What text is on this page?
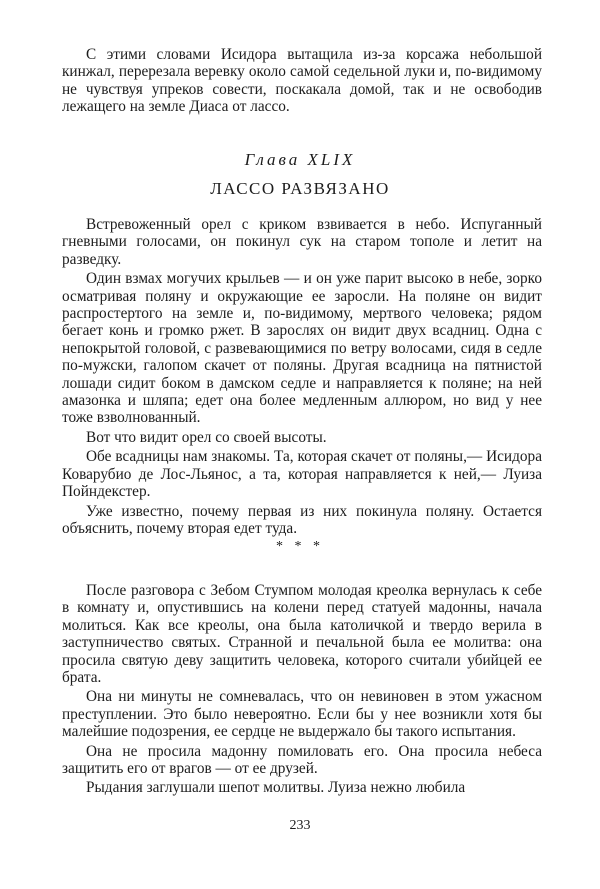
С этими словами Исидора вытащила из-за корсажа небольшой кинжал, перерезала веревку около самой седельной луки и, по-видимому не чувствуя упреков совести, поскакала домой, так и не освободив лежащего на земле Диаса от лассо.

Глава XLIX
ЛАССО РАЗВЯЗАНО

Встревоженный орел с криком взвивается в небо. Испуганный гневными голосами, он покинул сук на старом тополе и летит на разведку.

Один взмах могучих крыльев — и он уже парит высоко в небе, зорко осматривая поляну и окружающие ее заросли. На поляне он видит распростертого на земле и, по-видимому, мертвого человека; рядом бегает конь и громко ржет. В зарослях он видит двух всадниц. Одна с непокрытой головой, с развевающимися по ветру волосами, сидя в седле по-мужски, галопом скачет от поляны. Другая всадница на пятнистой лошади сидит боком в дамском седле и направляется к поляне; на ней амазонка и шляпа; едет она более медленным аллюром, но вид у нее тоже взволнованный.

Вот что видит орел со своей высоты.

Обе всадницы нам знакомы. Та, которая скачет от поляны,— Исидора Коварубио де Лос-Льянос, а та, которая направляется к ней,— Луиза Пойндекстер.

Уже известно, почему первая из них покинула поляну. Остается объяснить, почему вторая едет туда.

* * *

После разговора с Зебом Стумпом молодая креолка вернулась к себе в комнату и, опустившись на колени перед статуей мадонны, начала молиться. Как все креолы, она была католичкой и твердо верила в заступничество святых. Странной и печальной была ее молитва: она просила святую деву защитить человека, которого считали убийцей ее брата.

Она ни минуты не сомневалась, что он невиновен в этом ужасном преступлении. Это было невероятно. Если бы у нее возникли хотя бы малейшие подозрения, ее сердце не выдержало бы такого испытания.

Она не просила мадонну помиловать его. Она просила небеса защитить его от врагов — от ее друзей.

Рыдания заглушали шепот молитвы. Луиза нежно любила

233
